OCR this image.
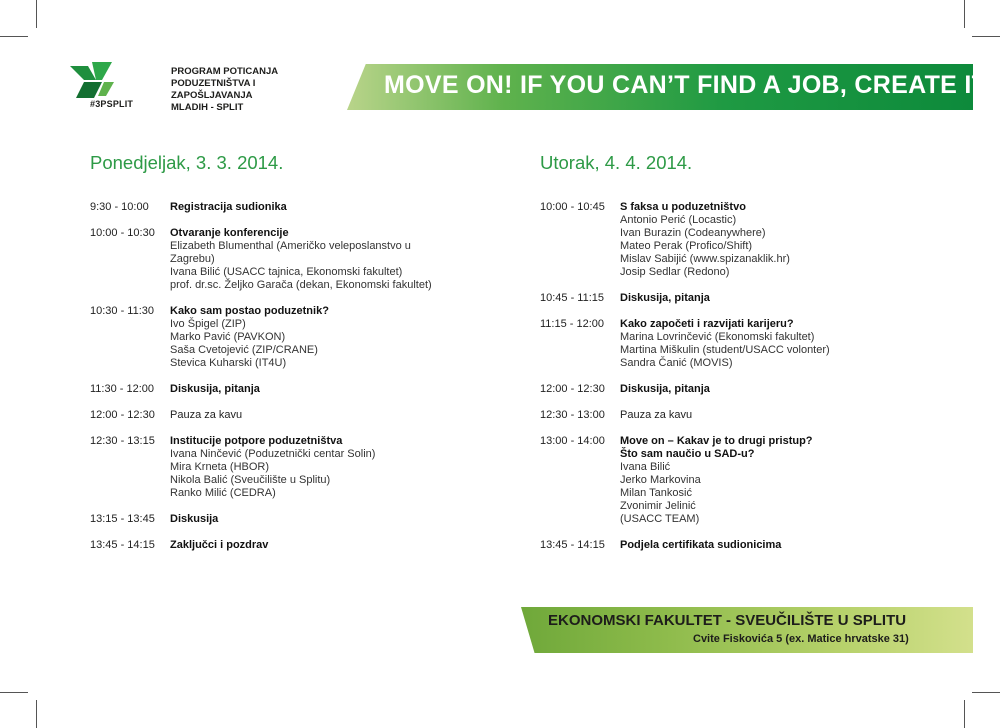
#3PSPLIT
PROGRAM POTICANJA
PODUZETNIŠTVA I
ZAPOŠLJAVANJA
MLADIH - SPLIT
MOVE ON! IF YOU CAN’T FIND A JOB, CREATE IT!
Ponedjeljak, 3. 3. 2014.	Utorak, 4. 4. 2014.
9:30 - 10:00 Registracija sudionika
10:00 - 10:30 Otvaranje konferencije
Elizabeth Blumenthal (Američko veleposlanstvo u Zagrebu)
Ivana Bilić (USACC tajnica, Ekonomski fakultet)
prof. dr.sc. Željko Garača (dekan, Ekonomski fakultet)
10:30 - 11:30 Kako sam postao poduzetnik?
Ivo Špigel (ZIP)
Marko Pavić (PAVKON)
Saša Cvetojević (ZIP/CRANE)
Stevica Kuharski (IT4U)
11:30 - 12:00 Diskusija, pitanja
12:00 - 12:30 Pauza za kavu
12:30 - 13:15 Institucije potpore poduzetništva
Ivana Ninčević (Poduzetnički centar Solin)
Mira Krneta (HBOR)
Nikola Balić (Sveučilište u Splitu)
Ranko Milić (CEDRA)
13:15 - 13:45 Diskusija
13:45 - 14:15 Zaključci i pozdrav
10:00 - 10:45 S faksa u poduzetništvo
Antonio Perić (Locastic)
Ivan Burazin (Codeanywhere)
Mateo Perak (Profico/Shift)
Mislav Sabijić (www.spizanaklik.hr)
Josip Sedlar (Redono)
10:45 - 11:15 Diskusija, pitanja
11:15 - 12:00 Kako započeti i razvijati karijeru?
Marina Lovrinčević (Ekonomski fakultet)
Martina Miškulin (student/USACC volonter)
Sandra Čanić (MOVIS)
12:00 - 12:30 Diskusija, pitanja
12:30 - 13:00 Pauza za kavu
13:00 - 14:00 Move on – Kakav je to drugi pristup?
Što sam naučio u SAD-u?
Ivana Bilić
Jerko Markovina
Milan Tankosić
Zvonimir Jelinić
(USACC TEAM)
13:45 - 14:15 Podjela certifikata sudionicima
EKONOMSKI FAKULTET - SVEUČILIŠTE U SPLITU
Cvite Fiskovića 5 (ex. Matice hrvatske 31)
